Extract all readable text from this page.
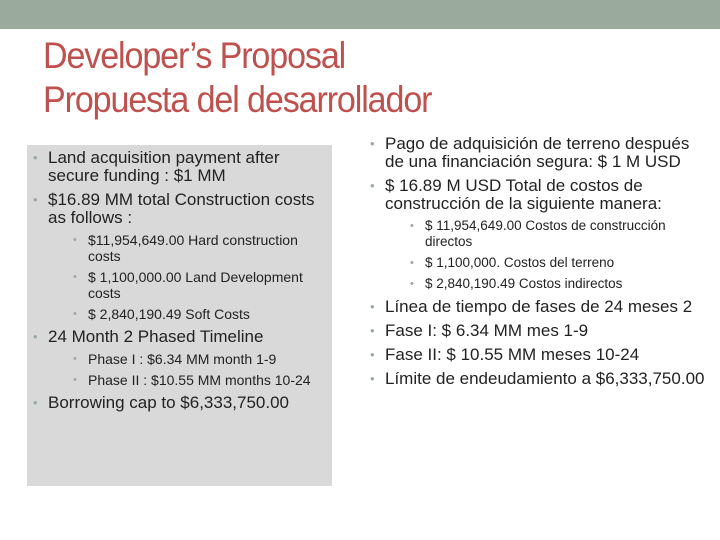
Developer’s Proposal
Propuesta del desarrollador
• Land acquisition payment after secure funding : $1 MM
• $16.89 MM total Construction costs as follows :
• $11,954,649.00 Hard construction costs
• $ 1,100,000.00 Land Development costs
• $ 2,840,190.49 Soft Costs
• 24 Month 2 Phased Timeline
• Phase I : $6.34 MM month 1-9
• Phase II : $10.55 MM months 10-24
• Borrowing cap to $6,333,750.00
• Pago de adquisición de terreno después de una financiación segura: $ 1 M USD
• $ 16.89 M USD Total de costos de construcción de la siguiente manera:
• $ 11,954,649.00 Costos de construcción directos
• $ 1,100,000. Costos del terreno
• $ 2,840,190.49 Costos indirectos
• Línea de tiempo de fases de 24 meses 2
• Fase I: $ 6.34 MM mes 1-9
• Fase II: $ 10.55 MM meses 10-24
• Límite de endeudamiento a $6,333,750.00
